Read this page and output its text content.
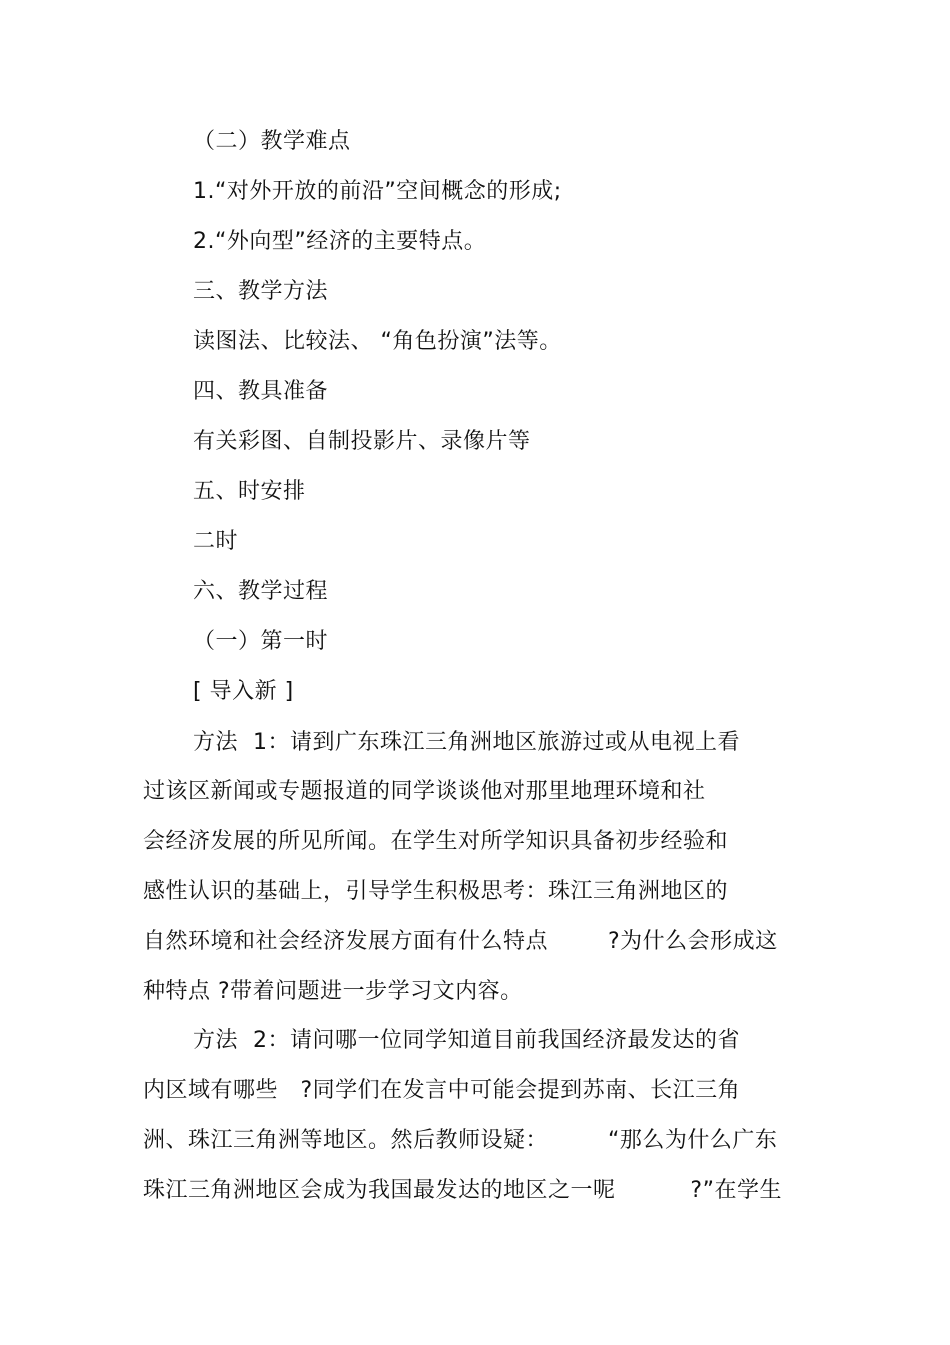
（二）教学难点
1.“对外开放的前沿”空间概念的形成;
2.“外向型”经济的主要特点。
三、教学方法
读图法、比较法、 “角色扮演”法等。
四、教具准备
有关彩图、自制投影片、录像片等
五、时安排
二时
六、教学过程
（一）第一时
[ 导入新 ]
方法  1：请到广东珠江三角洲地区旅游过或从电视上看
过该区新闻或专题报道的同学谈谈他对那里地理环境和社
会经济发展的所见所闻。在学生对所学知识具备初步经验和
感性认识的基础上，引导学生积极思考：珠江三角洲地区的
自然环境和社会经济发展方面有什么特点        ?为什么会形成这
种特点 ?带着问题进一步学习文内容。
方法  2：请问哪一位同学知道目前我国经济最发达的省
内区域有哪些   ?同学们在发言中可能会提到苏南、长江三角
洲、珠江三角洲等地区。然后教师设疑：        “那么为什么广东
珠江三角洲地区会成为我国最发达的地区之一呢          ?”在学生
